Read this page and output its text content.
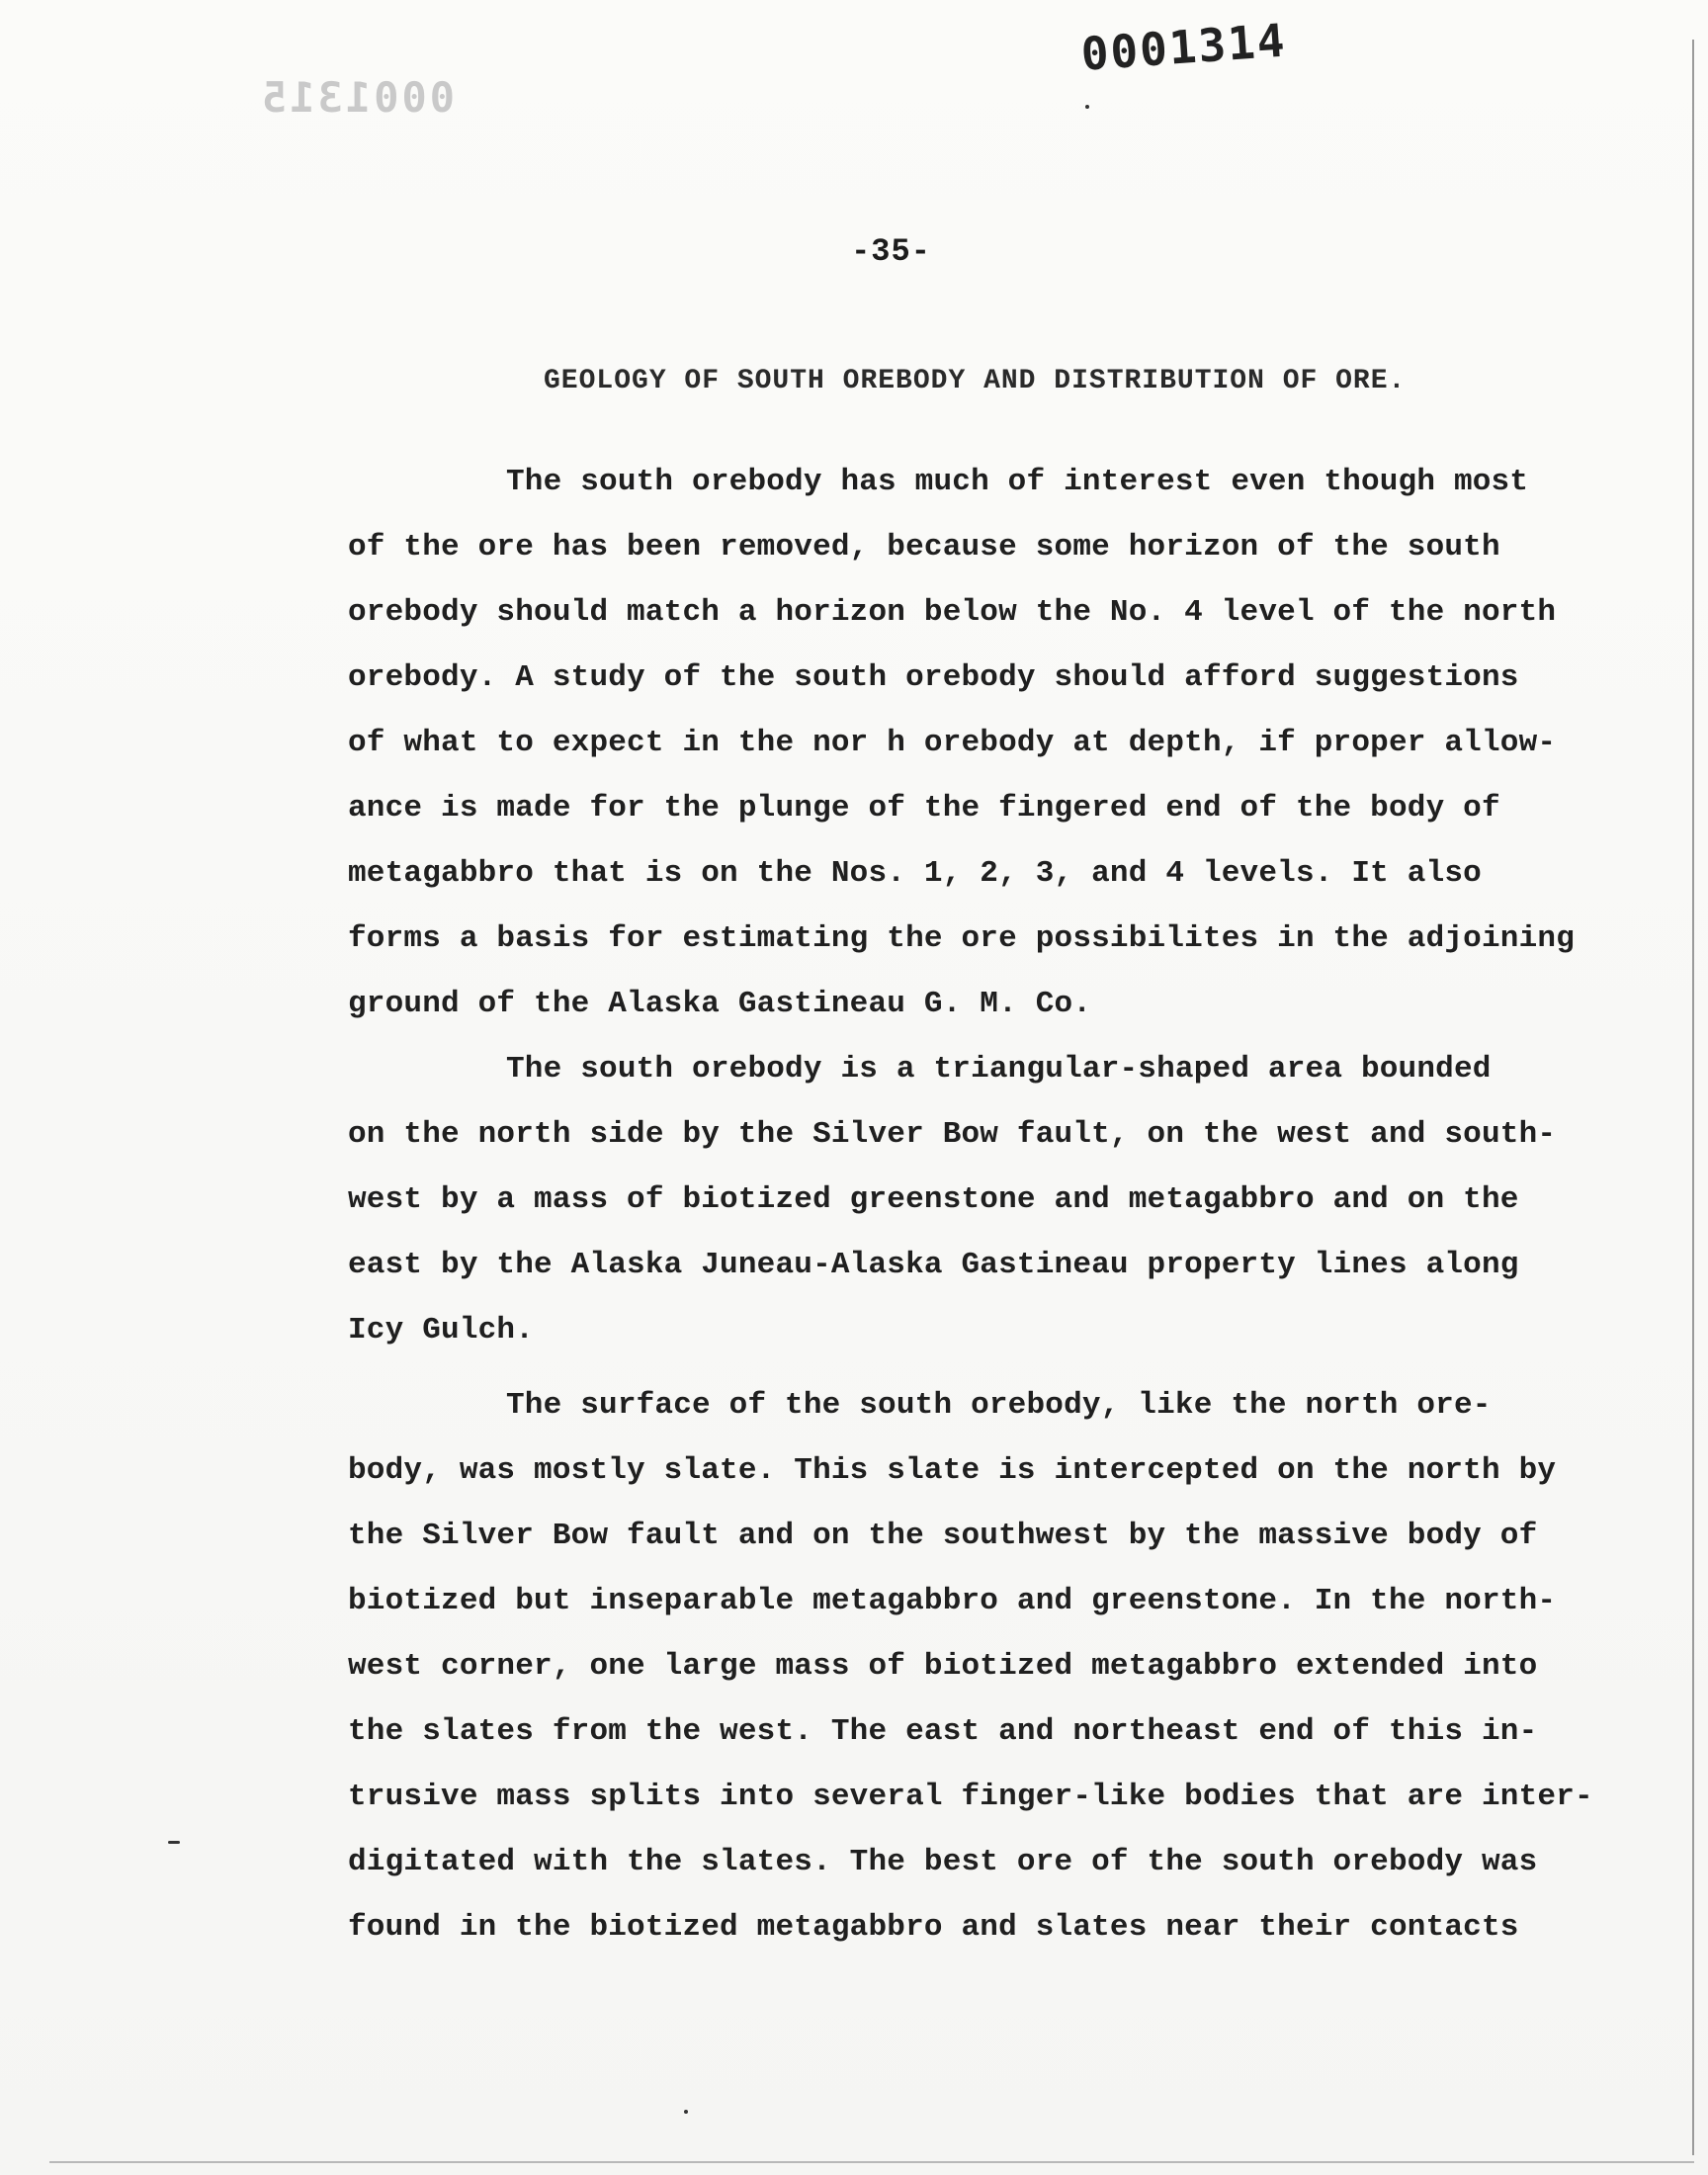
0001314
0001315
-35-
GEOLOGY OF SOUTH OREBODY AND DISTRIBUTION OF ORE.
The south orebody has much of interest even though most
of the ore has been removed, because some horizon of the south
orebody should match a horizon below the No. 4 level of the north
orebody. A study of the south orebody should afford suggestions
of what to expect in the nor h orebody at depth, if proper allow-
ance is made for the plunge of the fingered end of the body of
metagabbro that is on the Nos. 1, 2, 3, and 4 levels. It also
forms a basis for estimating the ore possibilites in the adjoining
ground of the Alaska Gastineau G. M. Co.
The south orebody is a triangular-shaped area bounded
on the north side by the Silver Bow fault, on the west and south-
west by a mass of biotized greenstone and metagabbro and on the
east by the Alaska Juneau-Alaska Gastineau property lines along
Icy Gulch.
The surface of the south orebody, like the north ore-
body, was mostly slate. This slate is intercepted on the north by
the Silver Bow fault and on the southwest by the massive body of
biotized but inseparable metagabbro and greenstone. In the north-
west corner, one large mass of biotized metagabbro extended into
the slates from the west. The east and northeast end of this in-
trusive mass splits into several finger-like bodies that are inter-
digitated with the slates. The best ore of the south orebody was
found in the biotized metagabbro and slates near their contacts
